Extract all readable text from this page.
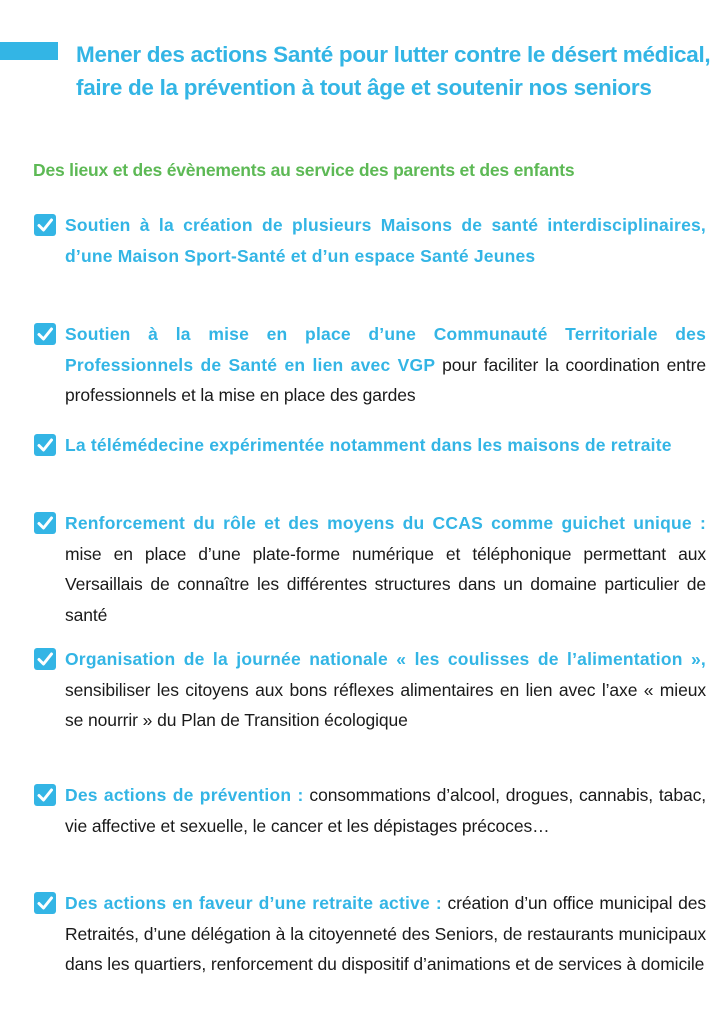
Mener des actions Santé pour lutter contre le désert médical, faire de la prévention à tout âge et soutenir nos seniors
Des lieux et des évènements au service des parents et des enfants

Soutien à la création de plusieurs Maisons de santé interdisciplinaires, d’une Maison Sport-Santé et d’un espace Santé Jeunes

Soutien à la mise en place d’une Communauté Territoriale des Professionnels de Santé en lien avec VGP pour faciliter la coordination entre professionnels et la mise en place des gardes

La télémédecine expérimentée notamment dans les maisons de retraite

Renforcement du rôle et des moyens du CCAS comme guichet unique : mise en place d’une plate-forme numérique et téléphonique permettant aux Versaillais de connaître les différentes structures dans un domaine particulier de santé

Organisation de la journée nationale « les coulisses de l’alimentation », sensibiliser les citoyens aux bons réflexes alimentaires en lien avec l’axe « mieux se nourrir » du Plan de Transition écologique

Des actions de prévention : consommations d’alcool, drogues, cannabis, tabac, vie affective et sexuelle, le cancer et les dépistages précoces…

Des actions en faveur d’une retraite active : création d’un office municipal des Retraités, d’une délégation à la citoyenneté des Seniors, de restaurants municipaux dans les quartiers, renforcement du dispositif d’animations et de services à domicile
